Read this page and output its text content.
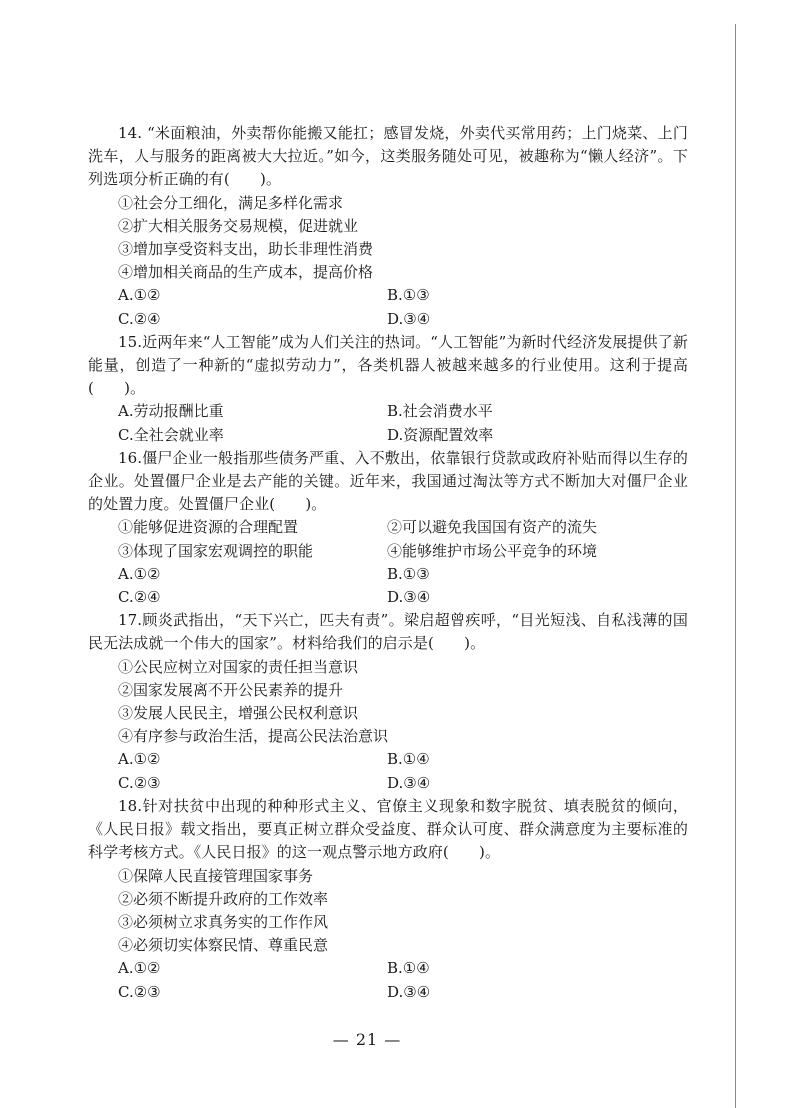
14. “米面粮油，外卖帮你能搬又能扛；感冒发烧，外卖代买常用药；上门烧菜、上门洗车，人与服务的距离被大大拉近。”如今，这类服务随处可见，被趣称为“懒人经济”。下列选项分析正确的有(　　)。

①社会分工细化，满足多样化需求

②扩大相关服务交易规模，促进就业

③增加享受资料支出，助长非理性消费

④增加相关商品的生产成本，提高价格

A.①②	B.①③
C.②④	D.③④

15.近两年来“人工智能”成为人们关注的热词。“人工智能”为新时代经济发展提供了新能量，创造了一种新的“虚拟劳动力”，各类机器人被越来越多的行业使用。这利于提高(　　)。

A.劳动报酬比重	B.社会消费水平
C.全社会就业率	D.资源配置效率

16.僵尸企业一般指那些债务严重、入不敷出，依靠银行贷款或政府补贴而得以生存的企业。处置僵尸企业是去产能的关键。近年来，我国通过淘汰等方式不断加大对僵尸企业的处置力度。处置僵尸企业(　　)。

①能够促进资源的合理配置	②可以避免我国国有资产的流失
③体现了国家宏观调控的职能	④能够维护市场公平竞争的环境
A.①②	B.①③
C.②④	D.③④

17.顾炎武指出，“天下兴亡，匹夫有责”。梁启超曾疾呼，“目光短浅、自私浅薄的国民无法成就一个伟大的国家”。材料给我们的启示是(　　)。

①公民应树立对国家的责任担当意识

②国家发展离不开公民素养的提升

③发展人民民主，增强公民权利意识

④有序参与政治生活，提高公民法治意识

A.①②	B.①④
C.②③	D.③④

18.针对扶贫中出现的种种形式主义、官僚主义现象和数字脱贫、填表脱贫的倾向，《人民日报》载文指出，要真正树立群众受益度、群众认可度、群众满意度为主要标准的科学考核方式。《人民日报》的这一观点警示地方政府(　　)。

①保障人民直接管理国家事务

②必须不断提升政府的工作效率

③必须树立求真务实的工作作风

④必须切实体察民情、尊重民意

A.①②	B.①④
C.②③	D.③④
— 21 —
